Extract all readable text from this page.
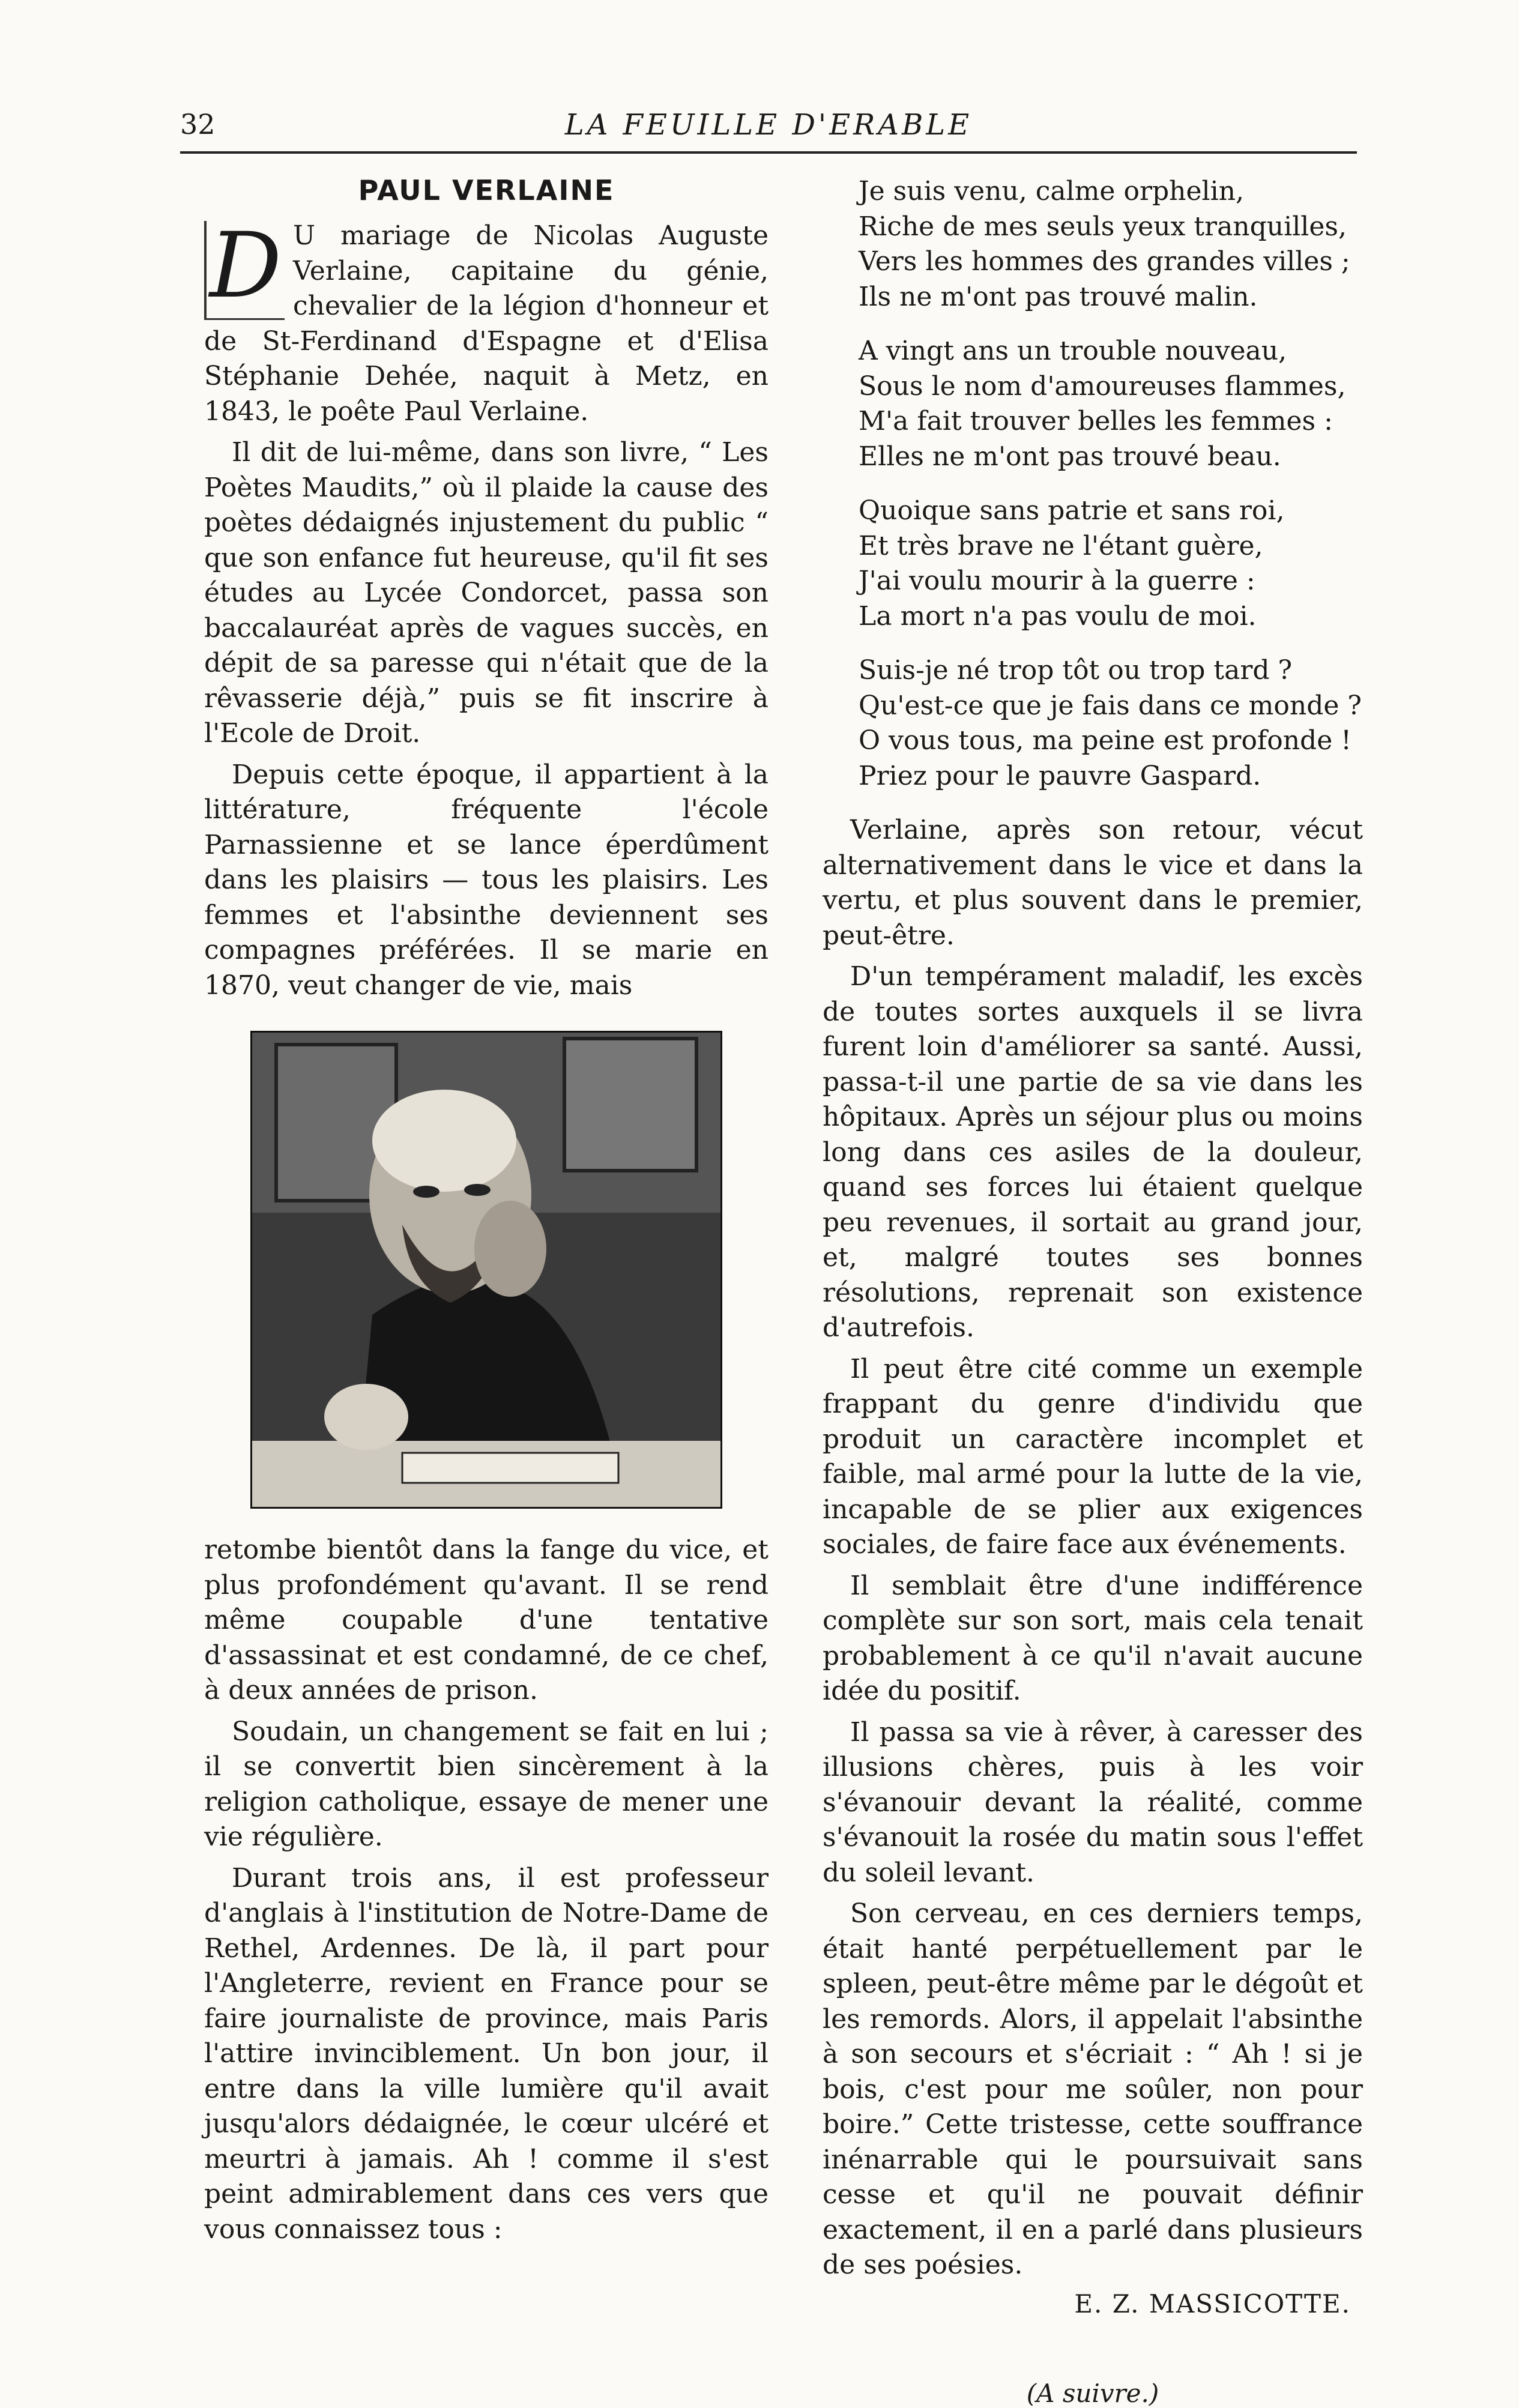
32	LA FEUILLE D'ERABLE
PAUL VERLAINE
D U mariage de Nicolas Auguste Verlaine, capitaine du génie, chevalier de la légion d'honneur et de St-Ferdinand d'Espagne et d'Elisa Stéphanie Dehée, naquit à Metz, en 1843, le poête Paul Verlaine.

Il dit de lui-même, dans son livre, “ Les Poètes Maudits,” où il plaide la cause des poètes dédaignés injustement du public “ que son enfance fut heureuse, qu'il fit ses études au Lycée Condorcet, passa son baccalauréat après de vagues succès, en dépit de sa paresse qui n'était que de la rêvasserie déjà,” puis se fit inscrire à l'Ecole de Droit.

Depuis cette époque, il appartient à la littérature, fréquente l'école Parnassienne et se lance éperdûment dans les plaisirs — tous les plaisirs. Les femmes et l'absinthe deviennent ses compagnes préférées. Il se marie en 1870, veut changer de vie, mais

retombe bientôt dans la fange du vice, et plus profondément qu'avant. Il se rend même coupable d'une tentative d'assassinat et est condamné, de ce chef, à deux années de prison.

Soudain, un changement se fait en lui ; il se convertit bien sincèrement à la religion catholique, essaye de mener une vie régulière.

Durant trois ans, il est professeur d'anglais à l'institution de Notre-Dame de Rethel, Ardennes. De là, il part pour l'Angleterre, revient en France pour se faire journaliste de province, mais Paris l'attire invinciblement. Un bon jour, il entre dans la ville lumière qu'il avait jusqu'alors dédaignée, le cœur ulcéré et meurtri à jamais. Ah ! comme il s'est peint admirablement dans ces vers que vous connaissez tous :

Je suis venu, calme orphelin,
Riche de mes seuls yeux tranquilles,
Vers les hommes des grandes villes ;
Ils ne m'ont pas trouvé malin.
A vingt ans un trouble nouveau,
Sous le nom d'amoureuses flammes,
M'a fait trouver belles les femmes :
Elles ne m'ont pas trouvé beau.
Quoique sans patrie et sans roi,
Et très brave ne l'étant guère,
J'ai voulu mourir à la guerre :
La mort n'a pas voulu de moi.
Suis-je né trop tôt ou trop tard ?
Qu'est-ce que je fais dans ce monde ?
O vous tous, ma peine est profonde !
Priez pour le pauvre Gaspard.

Verlaine, après son retour, vécut alternativement dans le vice et dans la vertu, et plus souvent dans le premier, peut-être.

D'un tempérament maladif, les excès de toutes sortes auxquels il se livra furent loin d'améliorer sa santé. Aussi, passa-t-il une partie de sa vie dans les hôpitaux. Après un séjour plus ou moins long dans ces asiles de la douleur, quand ses forces lui étaient quelque peu revenues, il sortait au grand jour, et, malgré toutes ses bonnes résolutions, reprenait son existence d'autrefois.

Il peut être cité comme un exemple frappant du genre d'individu que produit un caractère incomplet et faible, mal armé pour la lutte de la vie, incapable de se plier aux exigences sociales, de faire face aux événements.

Il semblait être d'une indifférence complète sur son sort, mais cela tenait probablement à ce qu'il n'avait aucune idée du positif.

Il passa sa vie à rêver, à caresser des illusions chères, puis à les voir s'évanouir devant la réalité, comme s'évanouit la rosée du matin sous l'effet du soleil levant.

Son cerveau, en ces derniers temps, était hanté perpétuellement par le spleen, peut-être même par le dégoût et les remords. Alors, il appelait l'absinthe à son secours et s'écriait : “ Ah ! si je bois, c'est pour me soûler, non pour boire.” Cette tristesse, cette souffrance inénarrable qui le poursuivait sans cesse et qu'il ne pouvait définir exactement, il en a parlé dans plusieurs de ses poésies.

E. Z. MASSICOTTE.
(A suivre.)
